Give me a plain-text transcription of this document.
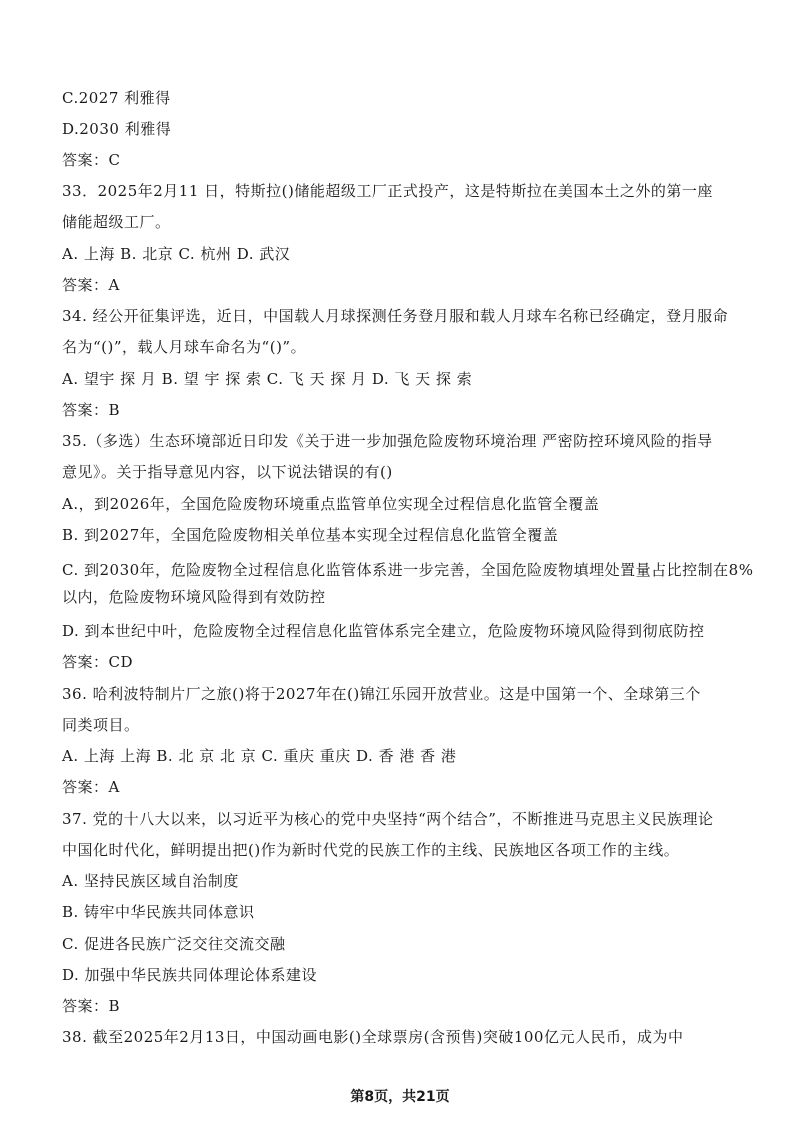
C.2027 利雅得
D.2030 利雅得
答案：C
33．2025年2月11 日，特斯拉()储能超级工厂正式投产，这是特斯拉在美国本土之外的第一座
储能超级工厂。
A. 上海 B. 北京 C. 杭州 D. 武汉
答案：A
34. 经公开征集评选，近日，中国载人月球探测任务登月服和载人月球车名称已经确定，登月服命
名为“()”，载人月球车命名为“()”。
A. 望宇 探 月 B. 望 宇 探 索 C. 飞 天 探 月 D. 飞 天 探 索
答案：B
35.（多选）生态环境部近日印发《关于进一步加强危险废物环境治理 严密防控环境风险的指导
意见》。关于指导意见内容，以下说法错误的有()
A.，到2026年，全国危险废物环境重点监管单位实现全过程信息化监管全覆盖
B. 到2027年，全国危险废物相关单位基本实现全过程信息化监管全覆盖
C. 到2030年，危险废物全过程信息化监管体系进一步完善，全国危险废物填埋处置量占比控制在8%
以内，危险废物环境风险得到有效防控
D. 到本世纪中叶，危险废物全过程信息化监管体系完全建立，危险废物环境风险得到彻底防控
答案：CD
36. 哈利波特制片厂之旅()将于2027年在()锦江乐园开放营业。这是中国第一个、全球第三个
同类项目。
A. 上海 上海 B. 北 京 北 京 C. 重庆 重庆 D. 香 港 香 港
答案：A
37. 党的十八大以来，以习近平为核心的党中央坚持“两个结合”，不断推进马克思主义民族理论
中国化时代化，鲜明提出把()作为新时代党的民族工作的主线、民族地区各项工作的主线。
A. 坚持民族区域自治制度
B. 铸牢中华民族共同体意识
C. 促进各民族广泛交往交流交融
D. 加强中华民族共同体理论体系建设
答案：B
38. 截至2025年2月13日，中国动画电影()全球票房(含预售)突破100亿元人民币，成为中
第8页，共21页
